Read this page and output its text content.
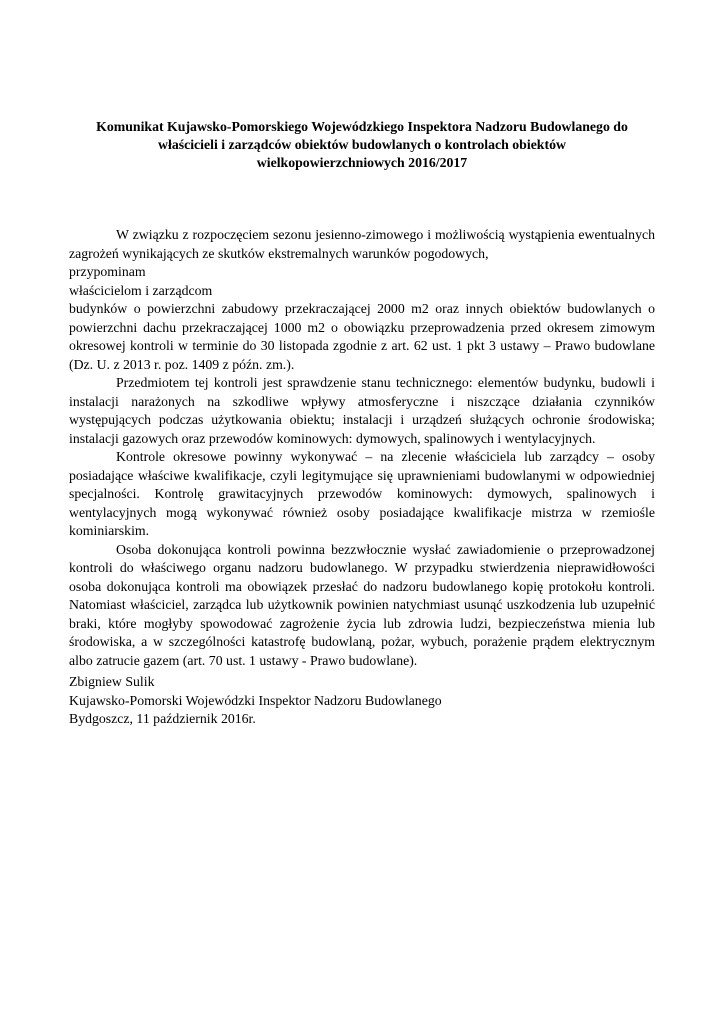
Komunikat Kujawsko-Pomorskiego Wojewódzkiego Inspektora Nadzoru Budowlanego do
właścicieli i zarządców obiektów budowlanych o kontrolach obiektów
wielkopowierzchniowych 2016/2017

W związku z rozpoczęciem sezonu jesienno-zimowego i możliwością wystąpienia ewentualnych zagrożeń wynikających ze skutków ekstremalnych warunków pogodowych,

przypominam

właścicielom i zarządcom

budynków o powierzchni zabudowy przekraczającej 2000 m2 oraz innych obiektów budowlanych o powierzchni dachu przekraczającej 1000 m2 o obowiązku przeprowadzenia przed okresem zimowym okresowej kontroli w terminie do 30 listopada zgodnie z art. 62 ust. 1 pkt 3 ustawy – Prawo budowlane (Dz. U. z 2013 r. poz. 1409 z późn. zm.).

Przedmiotem tej kontroli jest sprawdzenie stanu technicznego: elementów budynku, budowli i instalacji narażonych na szkodliwe wpływy atmosferyczne i niszczące działania czynników występujących podczas użytkowania obiektu; instalacji i urządzeń służących ochronie środowiska; instalacji gazowych oraz przewodów kominowych: dymowych, spalinowych i wentylacyjnych.

Kontrole okresowe powinny wykonywać – na zlecenie właściciela lub zarządcy – osoby posiadające właściwe kwalifikacje, czyli legitymujące się uprawnieniami budowlanymi w odpowiedniej specjalności. Kontrolę grawitacyjnych przewodów kominowych: dymowych, spalinowych i wentylacyjnych mogą wykonywać również osoby posiadające kwalifikacje mistrza w rzemiośle kominiarskim.

Osoba dokonująca kontroli powinna bezzwłocznie wysłać zawiadomienie o przeprowadzonej kontroli do właściwego organu nadzoru budowlanego. W przypadku stwierdzenia nieprawidłowości osoba dokonująca kontroli ma obowiązek przesłać do nadzoru budowlanego kopię protokołu kontroli. Natomiast właściciel, zarządca lub użytkownik powinien natychmiast usunąć uszkodzenia lub uzupełnić braki, które mogłyby spowodować zagrożenie życia lub zdrowia ludzi, bezpieczeństwa mienia lub środowiska, a w szczególności katastrofę budowlaną, pożar, wybuch, porażenie prądem elektrycznym albo zatrucie gazem (art. 70 ust. 1 ustawy - Prawo budowlane).

Zbigniew Sulik
Kujawsko-Pomorski Wojewódzki Inspektor Nadzoru Budowlanego
Bydgoszcz, 11 październik 2016r.
